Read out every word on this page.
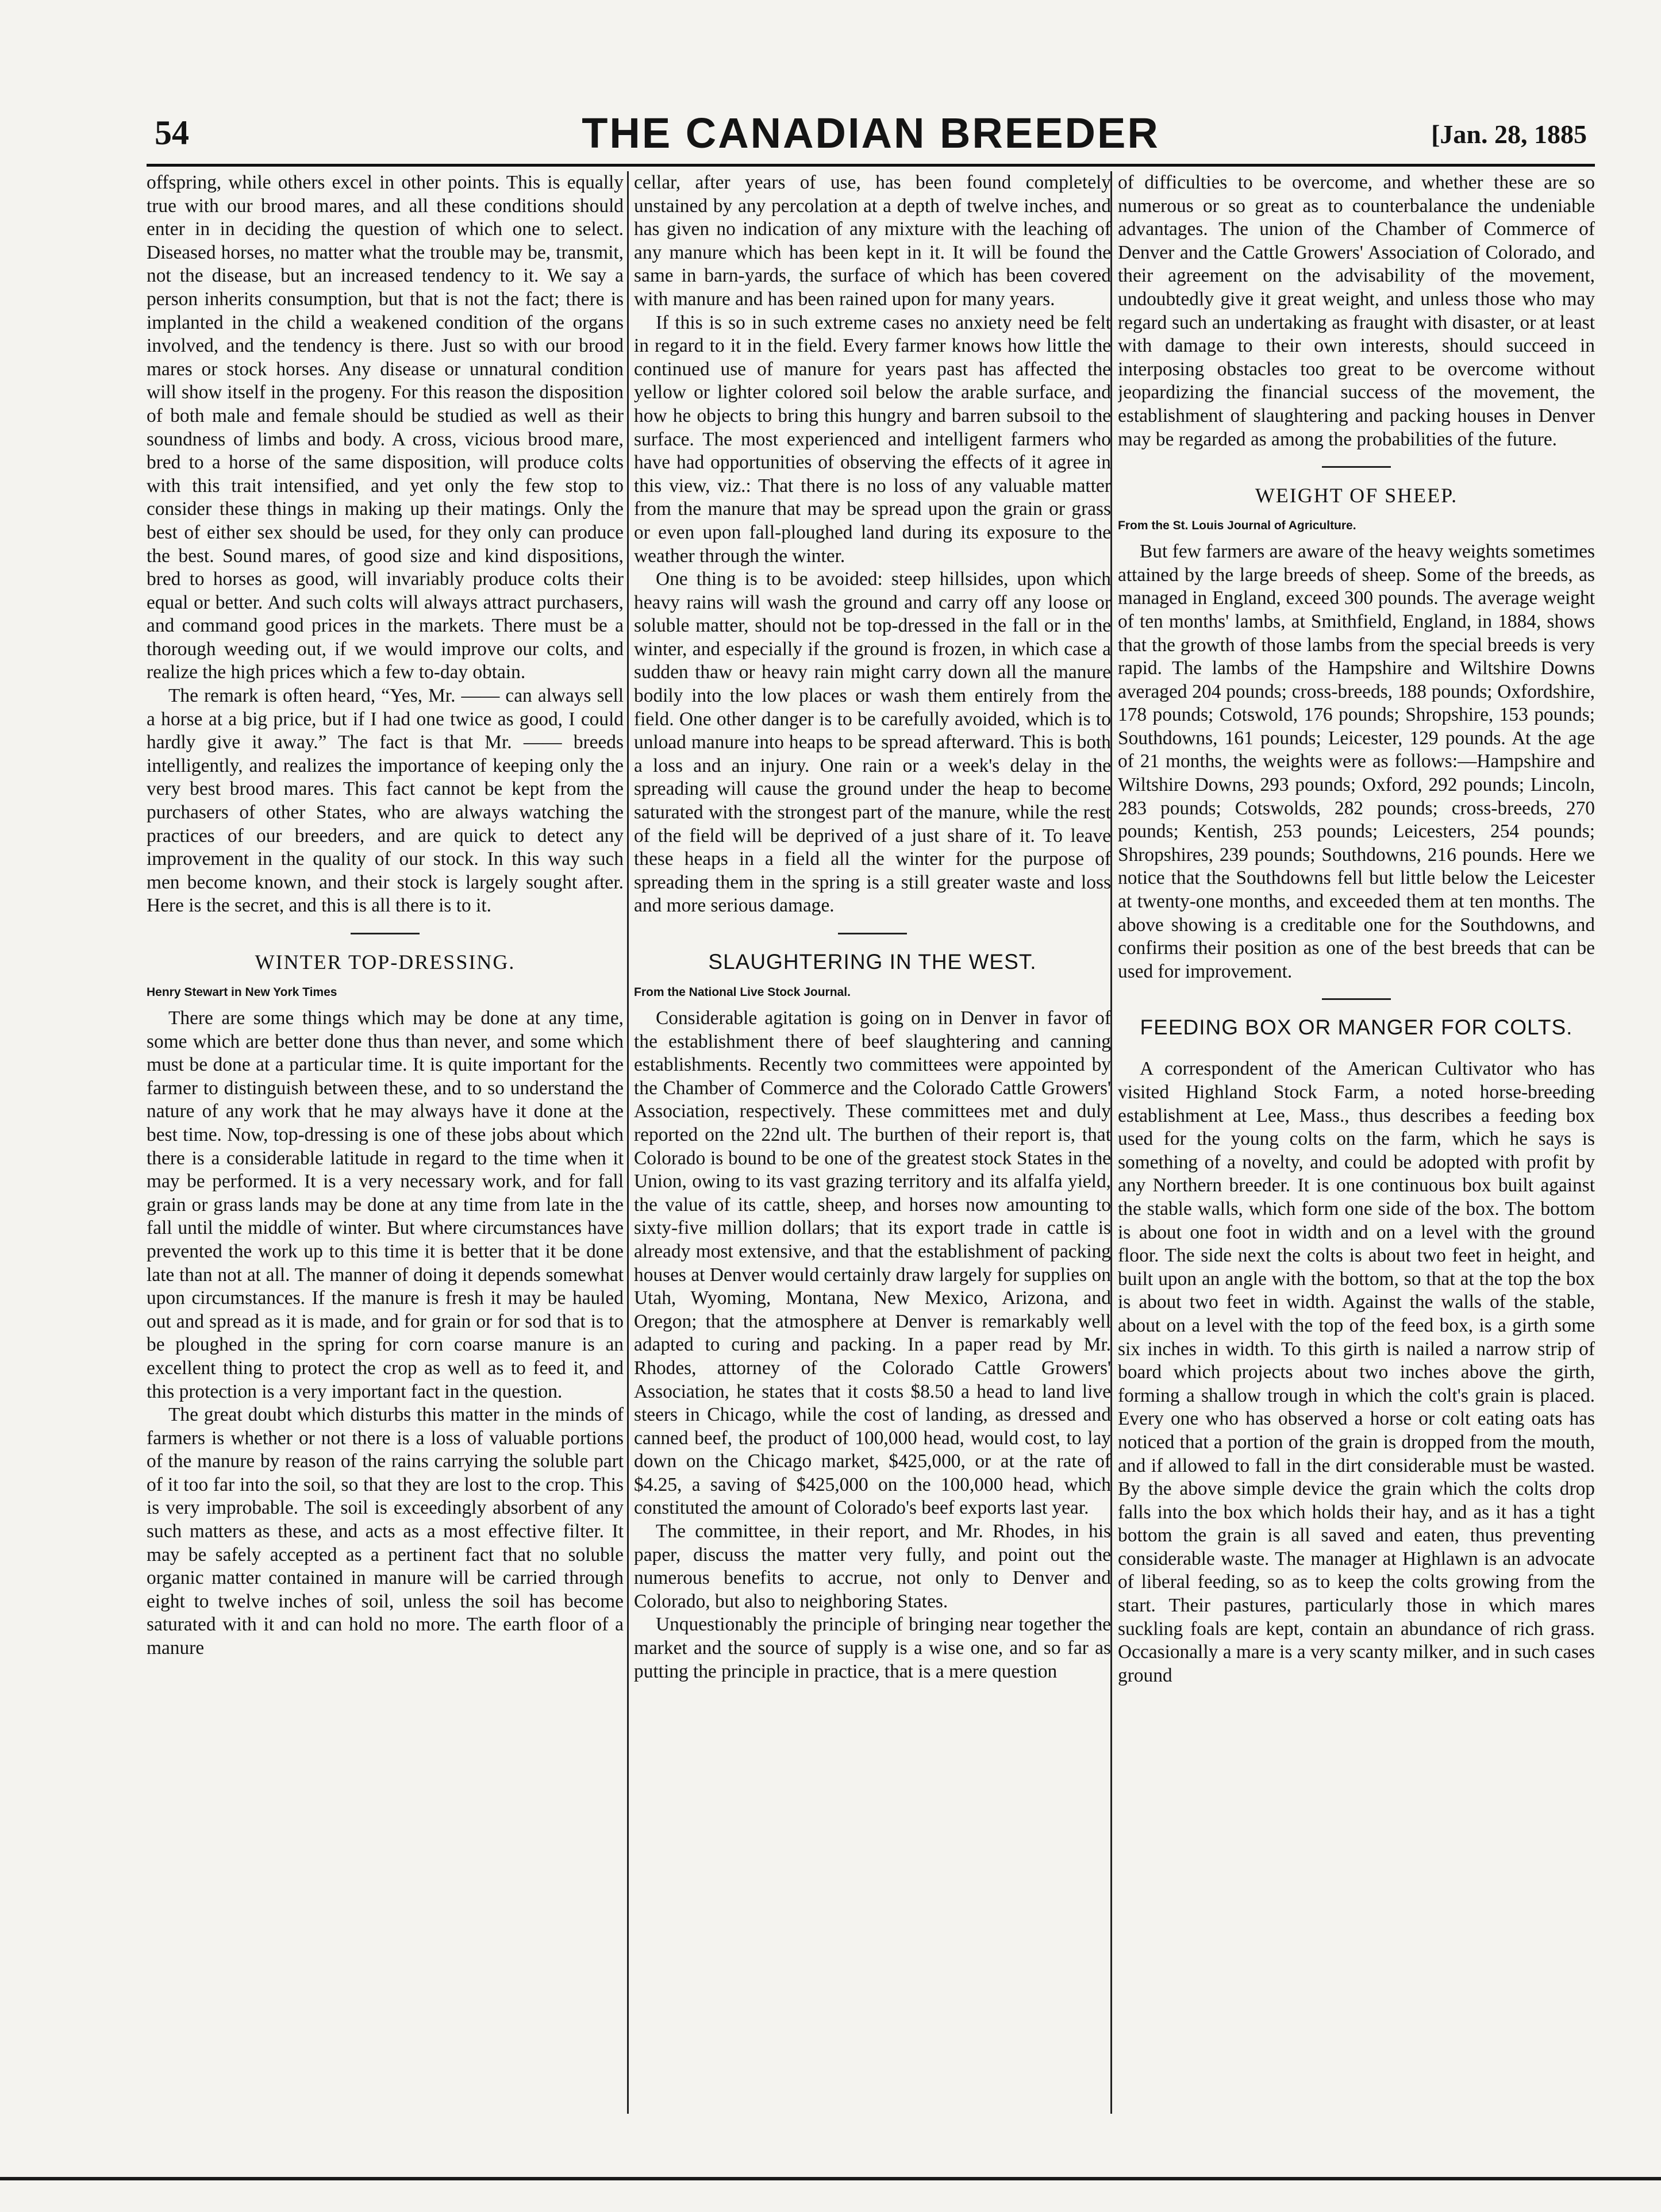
54	THE CANADIAN BREEDER	[Jan. 28, 1885

offspring, while others excel in other points. This is equally true with our brood mares, and all these conditions should enter in in deciding the question of which one to select. Diseased horses, no matter what the trouble may be, transmit, not the disease, but an increased tendency to it. We say a person inherits consumption, but that is not the fact; there is implanted in the child a weakened condition of the organs involved, and the tendency is there. Just so with our brood mares or stock horses. Any disease or unnatural condition will show itself in the progeny. For this reason the disposition of both male and female should be studied as well as their soundness of limbs and body. A cross, vicious brood mare, bred to a horse of the same disposition, will produce colts with this trait intensified, and yet only the few stop to consider these things in making up their matings. Only the best of either sex should be used, for they only can produce the best. Sound mares, of good size and kind dispositions, bred to horses as good, will invariably produce colts their equal or better. And such colts will always attract purchasers, and command good prices in the markets. There must be a thorough weeding out, if we would improve our colts, and realize the high prices which a few to-day obtain.

The remark is often heard, “Yes, Mr. —— can always sell a horse at a big price, but if I had one twice as good, I could hardly give it away.” The fact is that Mr. —— breeds intelligently, and realizes the importance of keeping only the very best brood mares. This fact cannot be kept from the purchasers of other States, who are always watching the practices of our breeders, and are quick to detect any improvement in the quality of our stock. In this way such men become known, and their stock is largely sought after. Here is the secret, and this is all there is to it.

WINTER TOP-DRESSING.
Henry Stewart in New York Times

There are some things which may be done at any time, some which are better done thus than never, and some which must be done at a particular time. It is quite important for the farmer to distinguish between these, and to so understand the nature of any work that he may always have it done at the best time. Now, top-dressing is one of these jobs about which there is a considerable latitude in regard to the time when it may be performed. It is a very necessary work, and for fall grain or grass lands may be done at any time from late in the fall until the middle of winter. But where circumstances have prevented the work up to this time it is better that it be done late than not at all. The manner of doing it depends somewhat upon circumstances. If the manure is fresh it may be hauled out and spread as it is made, and for grain or for sod that is to be ploughed in the spring for corn coarse manure is an excellent thing to protect the crop as well as to feed it, and this protection is a very important fact in the question.

The great doubt which disturbs this matter in the minds of farmers is whether or not there is a loss of valuable portions of the manure by reason of the rains carrying the soluble part of it too far into the soil, so that they are lost to the crop. This is very improbable. The soil is exceedingly absorbent of any such matters as these, and acts as a most effective filter. It may be safely accepted as a pertinent fact that no soluble organic matter contained in manure will be carried through eight to twelve inches of soil, unless the soil has become saturated with it and can hold no more. The earth floor of a manure

cellar, after years of use, has been found completely unstained by any percolation at a depth of twelve inches, and has given no indication of any mixture with the leaching of any manure which has been kept in it. It will be found the same in barn-yards, the surface of which has been covered with manure and has been rained upon for many years.

If this is so in such extreme cases no anxiety need be felt in regard to it in the field. Every farmer knows how little the continued use of manure for years past has affected the yellow or lighter colored soil below the arable surface, and how he objects to bring this hungry and barren subsoil to the surface. The most experienced and intelligent farmers who have had opportunities of observing the effects of it agree in this view, viz.: That there is no loss of any valuable matter from the manure that may be spread upon the grain or grass or even upon fall-ploughed land during its exposure to the weather through the winter.

One thing is to be avoided: steep hillsides, upon which heavy rains will wash the ground and carry off any loose or soluble matter, should not be top-dressed in the fall or in the winter, and especially if the ground is frozen, in which case a sudden thaw or heavy rain might carry down all the manure bodily into the low places or wash them entirely from the field. One other danger is to be carefully avoided, which is to unload manure into heaps to be spread afterward. This is both a loss and an injury. One rain or a week's delay in the spreading will cause the ground under the heap to become saturated with the strongest part of the manure, while the rest of the field will be deprived of a just share of it. To leave these heaps in a field all the winter for the purpose of spreading them in the spring is a still greater waste and loss and more serious damage.

SLAUGHTERING IN THE WEST.
From the National Live Stock Journal.

Considerable agitation is going on in Denver in favor of the establishment there of beef slaughtering and canning establishments. Recently two committees were appointed by the Chamber of Commerce and the Colorado Cattle Growers' Association, respectively. These committees met and duly reported on the 22nd ult. The burthen of their report is, that Colorado is bound to be one of the greatest stock States in the Union, owing to its vast grazing territory and its alfalfa yield, the value of its cattle, sheep, and horses now amounting to sixty-five million dollars; that its export trade in cattle is already most extensive, and that the establishment of packing houses at Denver would certainly draw largely for supplies on Utah, Wyoming, Montana, New Mexico, Arizona, and Oregon; that the atmosphere at Denver is remarkably well adapted to curing and packing. In a paper read by Mr. Rhodes, attorney of the Colorado Cattle Growers' Association, he states that it costs $8.50 a head to land live steers in Chicago, while the cost of landing, as dressed and canned beef, the product of 100,000 head, would cost, to lay down on the Chicago market, $425,000, or at the rate of $4.25, a saving of $425,000 on the 100,000 head, which constituted the amount of Colorado's beef exports last year.

The committee, in their report, and Mr. Rhodes, in his paper, discuss the matter very fully, and point out the numerous benefits to accrue, not only to Denver and Colorado, but also to neighboring States.

Unquestionably the principle of bringing near together the market and the source of supply is a wise one, and so far as putting the principle in practice, that is a mere question

of difficulties to be overcome, and whether these are so numerous or so great as to counterbalance the undeniable advantages. The union of the Chamber of Commerce of Denver and the Cattle Growers' Association of Colorado, and their agreement on the advisability of the movement, undoubtedly give it great weight, and unless those who may regard such an undertaking as fraught with disaster, or at least with damage to their own interests, should succeed in interposing obstacles too great to be overcome without jeopardizing the financial success of the movement, the establishment of slaughtering and packing houses in Denver may be regarded as among the probabilities of the future.

WEIGHT OF SHEEP.
From the St. Louis Journal of Agriculture.

But few farmers are aware of the heavy weights sometimes attained by the large breeds of sheep. Some of the breeds, as managed in England, exceed 300 pounds. The average weight of ten months' lambs, at Smithfield, England, in 1884, shows that the growth of those lambs from the special breeds is very rapid. The lambs of the Hampshire and Wiltshire Downs averaged 204 pounds; cross-breeds, 188 pounds; Oxfordshire, 178 pounds; Cotswold, 176 pounds; Shropshire, 153 pounds; Southdowns, 161 pounds; Leicester, 129 pounds. At the age of 21 months, the weights were as follows:—Hampshire and Wiltshire Downs, 293 pounds; Oxford, 292 pounds; Lincoln, 283 pounds; Cotswolds, 282 pounds; cross-breeds, 270 pounds; Kentish, 253 pounds; Leicesters, 254 pounds; Shropshires, 239 pounds; Southdowns, 216 pounds. Here we notice that the Southdowns fell but little below the Leicester at twenty-one months, and exceeded them at ten months. The above showing is a creditable one for the Southdowns, and confirms their position as one of the best breeds that can be used for improvement.

FEEDING BOX OR MANGER FOR COLTS.

A correspondent of the American Cultivator who has visited Highland Stock Farm, a noted horse-breeding establishment at Lee, Mass., thus describes a feeding box used for the young colts on the farm, which he says is something of a novelty, and could be adopted with profit by any Northern breeder. It is one continuous box built against the stable walls, which form one side of the box. The bottom is about one foot in width and on a level with the ground floor. The side next the colts is about two feet in height, and built upon an angle with the bottom, so that at the top the box is about two feet in width. Against the walls of the stable, about on a level with the top of the feed box, is a girth some six inches in width. To this girth is nailed a narrow strip of board which projects about two inches above the girth, forming a shallow trough in which the colt's grain is placed. Every one who has observed a horse or colt eating oats has noticed that a portion of the grain is dropped from the mouth, and if allowed to fall in the dirt considerable must be wasted. By the above simple device the grain which the colts drop falls into the box which holds their hay, and as it has a tight bottom the grain is all saved and eaten, thus preventing considerable waste. The manager at Highlawn is an advocate of liberal feeding, so as to keep the colts growing from the start. Their pastures, particularly those in which mares suckling foals are kept, contain an abundance of rich grass. Occasionally a mare is a very scanty milker, and in such cases ground
